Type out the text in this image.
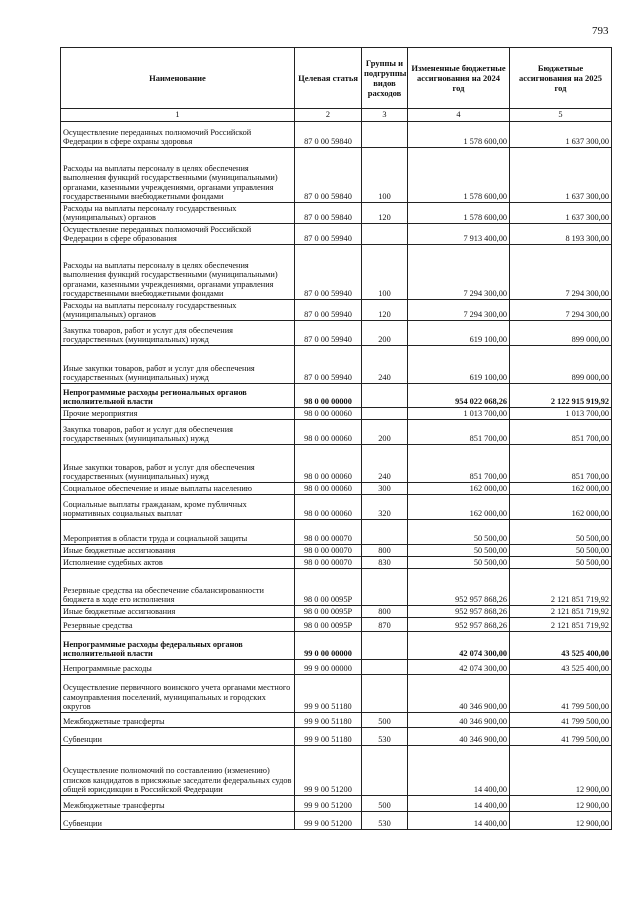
793
Наименование	Целевая статья	Группы и подгруппы видов расходов	Измененные бюджетные ассигнования на 2024 год	Бюджетные ассигнования на 2025 год
1	2	3	4	5
Осуществление переданных полномочий Российской Федерации в сфере охраны здоровья	87 0 00 59840		1 578 600,00	1 637 300,00
Расходы на выплаты персоналу в целях обеспечения выполнения функций государственными (муниципальными) органами, казенными учреждениями, органами управления государственными внебюджетными фондами	87 0 00 59840	100	1 578 600,00	1 637 300,00
Расходы на выплаты персоналу государственных (муниципальных) органов	87 0 00 59840	120	1 578 600,00	1 637 300,00
Осуществление переданных полномочий Российской Федерации в сфере образования	87 0 00 59940		7 913 400,00	8 193 300,00
Расходы на выплаты персоналу в целях обеспечения выполнения функций государственными (муниципальными) органами, казенными учреждениями, органами управления государственными внебюджетными фондами	87 0 00 59940	100	7 294 300,00	7 294 300,00
Расходы на выплаты персоналу государственных (муниципальных) органов	87 0 00 59940	120	7 294 300,00	7 294 300,00
Закупка товаров, работ и услуг для обеспечения государственных (муниципальных) нужд	87 0 00 59940	200	619 100,00	899 000,00
Иные закупки товаров, работ и услуг для обеспечения государственных (муниципальных) нужд	87 0 00 59940	240	619 100,00	899 000,00
Непрограммные расходы региональных органов исполнительной власти	98 0 00 00000		954 022 068,26	2 122 915 919,92
Прочие мероприятия	98 0 00 00060		1 013 700,00	1 013 700,00
Закупка товаров, работ и услуг для обеспечения государственных (муниципальных) нужд	98 0 00 00060	200	851 700,00	851 700,00
Иные закупки товаров, работ и услуг для обеспечения государственных (муниципальных) нужд	98 0 00 00060	240	851 700,00	851 700,00
Социальное обеспечение и иные выплаты населению	98 0 00 00060	300	162 000,00	162 000,00
Социальные выплаты гражданам, кроме публичных нормативных социальных выплат	98 0 00 00060	320	162 000,00	162 000,00
Мероприятия в области труда и социальной защиты	98 0 00 00070		50 500,00	50 500,00
Иные бюджетные ассигнования	98 0 00 00070	800	50 500,00	50 500,00
Исполнение судебных актов	98 0 00 00070	830	50 500,00	50 500,00
Резервные средства на обеспечение сбалансированности бюджета в ходе его исполнения	98 0 00 0095Р		952 957 868,26	2 121 851 719,92
Иные бюджетные ассигнования	98 0 00 0095Р	800	952 957 868,26	2 121 851 719,92
Резервные средства	98 0 00 0095Р	870	952 957 868,26	2 121 851 719,92
Непрограммные расходы федеральных органов исполнительной власти	99 0 00 00000		42 074 300,00	43 525 400,00
Непрограммные расходы	99 9 00 00000		42 074 300,00	43 525 400,00
Осуществление первичного воинского учета органами местного самоуправления поселений, муниципальных и городских округов	99 9 00 51180		40 346 900,00	41 799 500,00
Межбюджетные трансферты	99 9 00 51180	500	40 346 900,00	41 799 500,00
Субвенции	99 9 00 51180	530	40 346 900,00	41 799 500,00
Осуществление полномочий по составлению (изменению) списков кандидатов в присяжные заседатели федеральных судов общей юрисдикции в Российской Федерации	99 9 00 51200		14 400,00	12 900,00
Межбюджетные трансферты	99 9 00 51200	500	14 400,00	12 900,00
Субвенции	99 9 00 51200	530	14 400,00	12 900,00
